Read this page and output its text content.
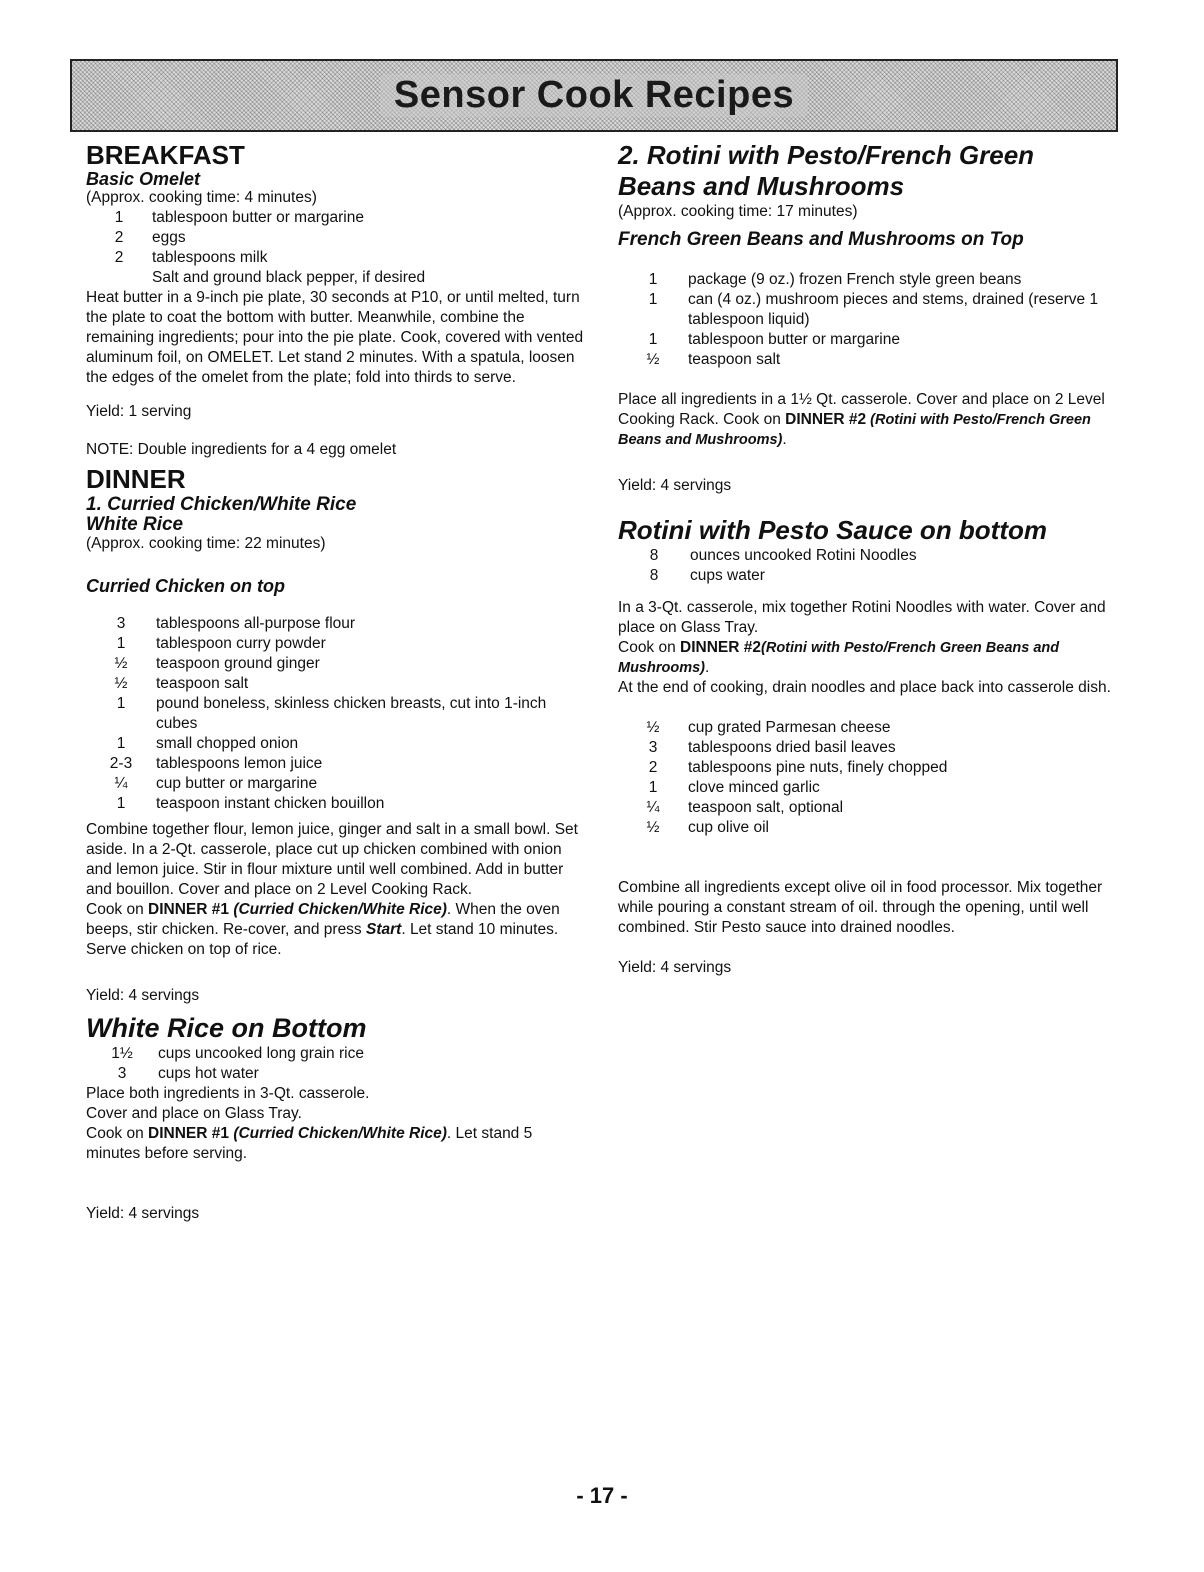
Sensor Cook Recipes
BREAKFAST
Basic Omelet
(Approx. cooking time: 4 minutes)
1	tablespoon butter or margarine
2	eggs
2	tablespoons milk
Salt and ground black pepper, if desired

Heat butter in a 9-inch pie plate, 30 seconds at P10, or until melted, turn the plate to coat the bottom with butter. Meanwhile, combine the remaining ingredients; pour into the pie plate. Cook, covered with vented aluminum foil, on OMELET. Let stand 2 minutes. With a spatula, loosen the edges of the omelet from the plate; fold into thirds to serve.

Yield: 1 serving

NOTE: Double ingredients for a 4 egg omelet

DINNER
1. Curried Chicken/White Rice
White Rice
(Approx. cooking time: 22 minutes)
Curried Chicken on top
3	tablespoons all-purpose flour
1	tablespoon curry powder
½	teaspoon ground ginger
½	teaspoon salt
1	pound boneless, skinless chicken breasts, cut into 1-inch cubes
1	small chopped onion
2-3	tablespoons lemon juice
¼	cup butter or margarine
1	teaspoon instant chicken bouillon

Combine together flour, lemon juice, ginger and salt in a small bowl. Set aside. In a 2-Qt. casserole, place cut up chicken combined with onion and lemon juice. Stir in flour mixture until well combined. Add in butter and bouillon. Cover and place on 2 Level Cooking Rack.

Cook on DINNER #1 (Curried Chicken/White Rice). When the oven beeps, stir chicken. Re-cover, and press Start. Let stand 10 minutes. Serve chicken on top of rice.

Yield: 4 servings

White Rice on Bottom
1½	cups uncooked long grain rice
3	cups hot water

Place both ingredients in 3-Qt. casserole.

Cover and place on Glass Tray.

Cook on DINNER #1 (Curried Chicken/White Rice). Let stand 5 minutes before serving.

Yield: 4 servings

2. Rotini with Pesto/French Green Beans and Mushrooms
(Approx. cooking time: 17 minutes)
French Green Beans and Mushrooms on Top
1	package (9 oz.) frozen French style green beans
1	can (4 oz.) mushroom pieces and stems, drained (reserve 1 tablespoon liquid)
1	tablespoon butter or margarine
½	teaspoon salt

Place all ingredients in a 1½ Qt. casserole. Cover and place on 2 Level Cooking Rack. Cook on DINNER #2 (Rotini with Pesto/French Green Beans and Mushrooms).

Yield: 4 servings

Rotini with Pesto Sauce on bottom
8	ounces uncooked Rotini Noodles
8	cups water

In a 3-Qt. casserole, mix together Rotini Noodles with water. Cover and place on Glass Tray.

Cook on DINNER #2(Rotini with Pesto/French Green Beans and Mushrooms).

At the end of cooking, drain noodles and place back into casserole dish.

½	cup grated Parmesan cheese
3	tablespoons dried basil leaves
2	tablespoons pine nuts, finely chopped
1	clove minced garlic
¼	teaspoon salt, optional
½	cup olive oil

Combine all ingredients except olive oil in food processor. Mix together while pouring a constant stream of oil. through the opening, until well combined. Stir Pesto sauce into drained noodles.

Yield: 4 servings

- 17 -
